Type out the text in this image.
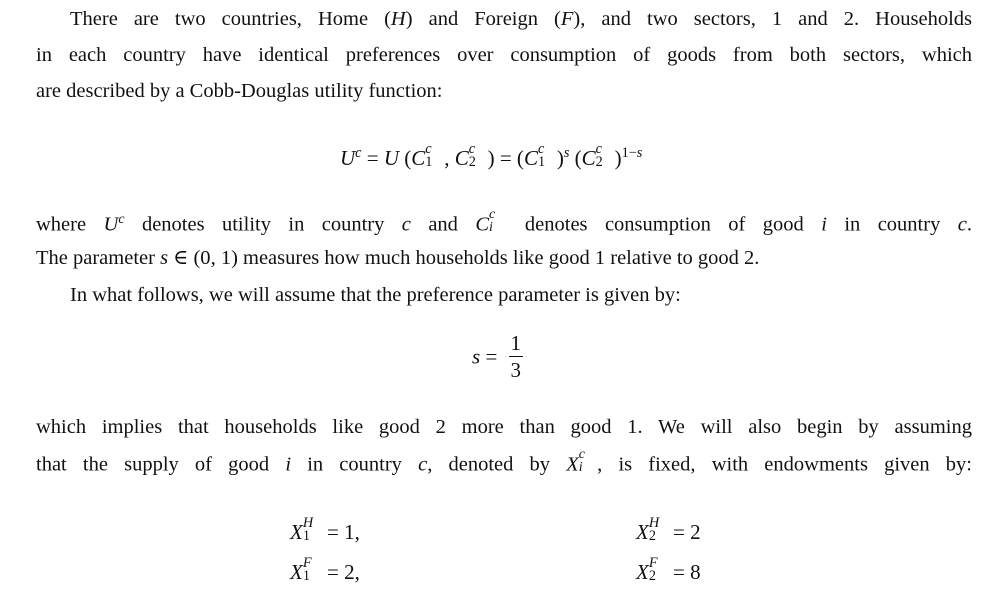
There are two countries, Home (H) and Foreign (F), and two sectors, 1 and 2. Households
in each country have identical preferences over consumption of goods from both sectors, which
are described by a Cobb-Douglas utility function:
$U^c = U$ (C c
1 , C c
2 ) = (C c
1 )$^s$ (C c
2 )$^{1-s}$
where $U^c$ denotes utility in country c and C c
i denotes consumption of good i in country c.
The parameter s ∈ (0, 1) measures how much households like good 1 relative to good 2.
In what follows, we will assume that the preference parameter is given by:
$s = \frac{1}{3}$
which implies that households like good 2 more than good 1. We will also begin by assuming
that the supply of good i in country c, denoted by X c
i , is fixed, with endowments given by:
X H
1 = 1,	X H
2 = 2
X F
1 = 2,	X F
2 = 8
